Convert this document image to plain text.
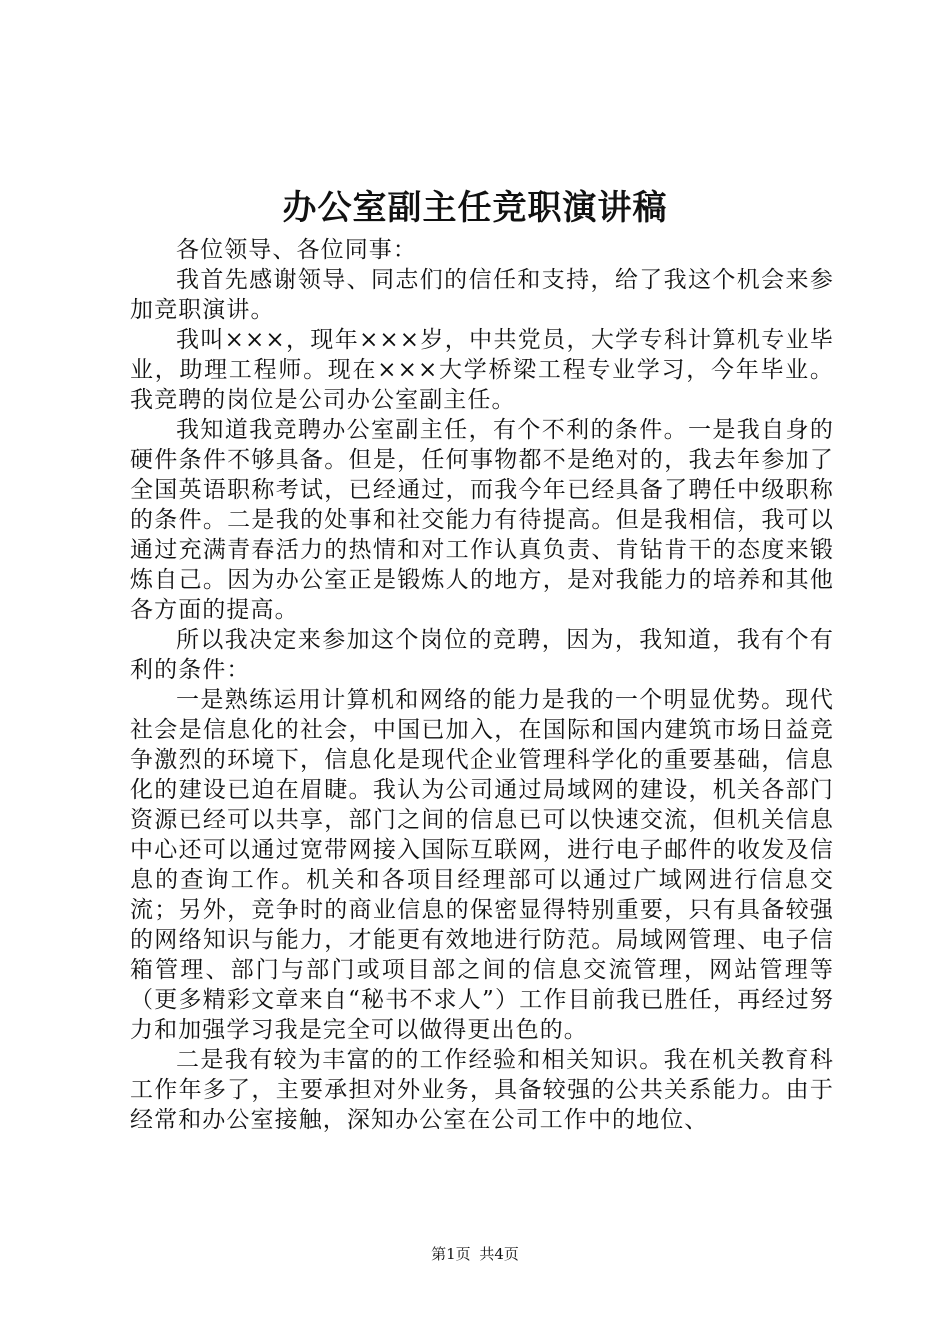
办公室副主任竞职演讲稿

各位领导、各位同事：

我首先感谢领导、同志们的信任和支持，给了我这个机会来参加竞职演讲。

我叫×××，现年×××岁，中共党员，大学专科计算机专业毕业，助理工程师。现在×××大学桥梁工程专业学习，今年毕业。我竞聘的岗位是公司办公室副主任。

我知道我竞聘办公室副主任，有个不利的条件。一是我自身的硬件条件不够具备。但是，任何事物都不是绝对的，我去年参加了全国英语职称考试，已经通过，而我今年已经具备了聘任中级职称的条件。二是我的处事和社交能力有待提高。但是我相信，我可以通过充满青春活力的热情和对工作认真负责、肯钻肯干的态度来锻炼自己。因为办公室正是锻炼人的地方，是对我能力的培养和其他各方面的提高。

所以我决定来参加这个岗位的竞聘，因为，我知道，我有个有利的条件：

一是熟练运用计算机和网络的能力是我的一个明显优势。现代社会是信息化的社会，中国已加入，在国际和国内建筑市场日益竞争激烈的环境下，信息化是现代企业管理科学化的重要基础，信息化的建设已迫在眉睫。我认为公司通过局域网的建设，机关各部门资源已经可以共享，部门之间的信息已可以快速交流，但机关信息中心还可以通过宽带网接入国际互联网，进行电子邮件的收发及信息的查询工作。机关和各项目经理部可以通过广域网进行信息交流；另外，竞争时的商业信息的保密显得特别重要，只有具备较强的网络知识与能力，才能更有效地进行防范。局域网管理、电子信箱管理、部门与部门或项目部之间的信息交流管理，网站管理等（更多精彩文章来自“秘书不求人”）工作目前我已胜任，再经过努力和加强学习我是完全可以做得更出色的。

二是我有较为丰富的的工作经验和相关知识。我在机关教育科工作年多了，主要承担对外业务，具备较强的公共关系能力。由于经常和办公室接触，深知办公室在公司工作中的地位、

第1页 共4页
